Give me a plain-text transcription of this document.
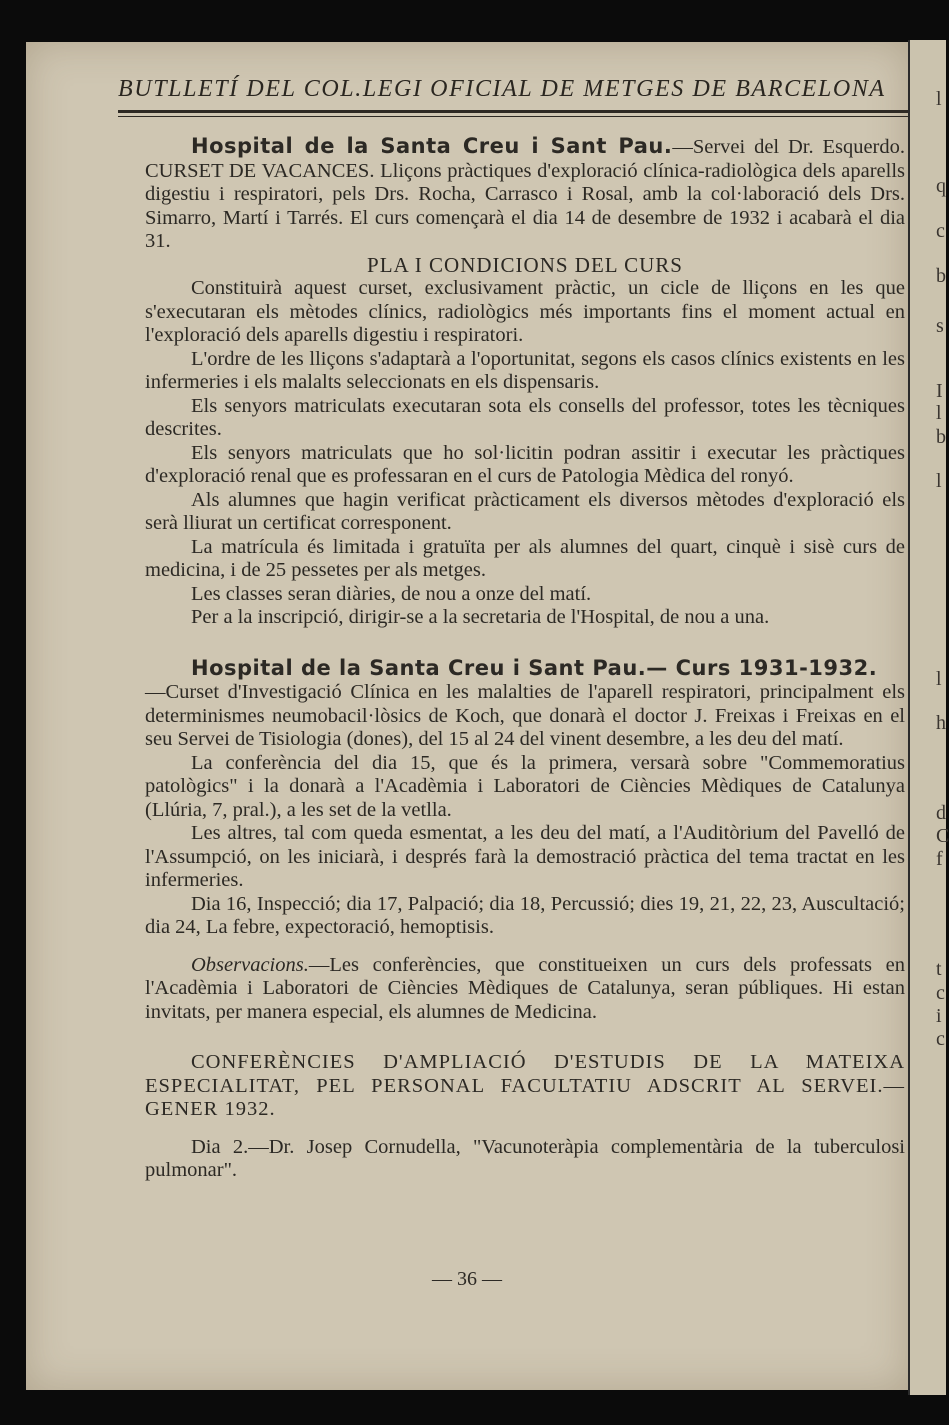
l
q
c
b
s
I
l
b
l
l
h
d
C
f
t
c
i
c
BUTLLETÍ DEL COL.LEGI OFICIAL DE METGES DE BARCELONA

Hospital de la Santa Creu i Sant Pau.—Servei del Dr. Esquerdo. CURSET DE VACANCES. Lliçons pràctiques d'exploració clínica-radiològica dels aparells digestiu i respiratori, pels Drs. Rocha, Carrasco i Rosal, amb la col·laboració dels Drs. Simarro, Martí i Tarrés. El curs començarà el dia 14 de desembre de 1932 i acabarà el dia 31.

PLA I CONDICIONS DEL CURS

Constituirà aquest curset, exclusivament pràctic, un cicle de lliçons en les que s'executaran els mètodes clínics, radiològics més importants fins el moment actual en l'exploració dels aparells digestiu i respiratori.

L'ordre de les lliçons s'adaptarà a l'oportunitat, segons els casos clínics existents en les infermeries i els malalts seleccionats en els dispensaris.

Els senyors matriculats executaran sota els consells del professor, totes les tècniques descrites.

Els senyors matriculats que ho sol·licitin podran assitir i executar les pràctiques d'exploració renal que es professaran en el curs de Patologia Mèdica del ronyó.

Als alumnes que hagin verificat pràcticament els diversos mètodes d'exploració els serà lliurat un certificat corresponent.

La matrícula és limitada i gratuïta per als alumnes del quart, cinquè i sisè curs de medicina, i de 25 pessetes per als metges.

Les classes seran diàries, de nou a onze del matí.

Per a la inscripció, dirigir-se a la secretaria de l'Hospital, de nou a una.

Hospital de la Santa Creu i Sant Pau.— Curs 1931-1932.

—Curset d'Investigació Clínica en les malalties de l'aparell respiratori, principalment els determinismes neumobacil·lòsics de Koch, que donarà el doctor J. Freixas i Freixas en el seu Servei de Tisiologia (dones), del 15 al 24 del vinent desembre, a les deu del matí.

La conferència del dia 15, que és la primera, versarà sobre "Commemoratius patològics" i la donarà a l'Acadèmia i Laboratori de Ciències Mèdiques de Catalunya (Llúria, 7, pral.), a les set de la vetlla.

Les altres, tal com queda esmentat, a les deu del matí, a l'Auditòrium del Pavelló de l'Assumpció, on les iniciarà, i després farà la demostració pràctica del tema tractat en les infermeries.

Dia 16, Inspecció; dia 17, Palpació; dia 18, Percussió; dies 19, 21, 22, 23, Auscultació; dia 24, La febre, expectoració, hemoptisis.

Observacions.—Les conferències, que constitueixen un curs dels professats en l'Acadèmia i Laboratori de Ciències Mèdiques de Catalunya, seran públiques. Hi estan invitats, per manera especial, els alumnes de Medicina.

CONFERÈNCIES D'AMPLIACIÓ D'ESTUDIS DE LA MATEIXA ESPECIALITAT, PEL PERSONAL FACULTATIU ADSCRIT AL SERVEI.—GENER 1932.

Dia 2.—Dr. Josep Cornudella, "Vacunoteràpia complementària de la tuberculosi pulmonar".

— 36 —
